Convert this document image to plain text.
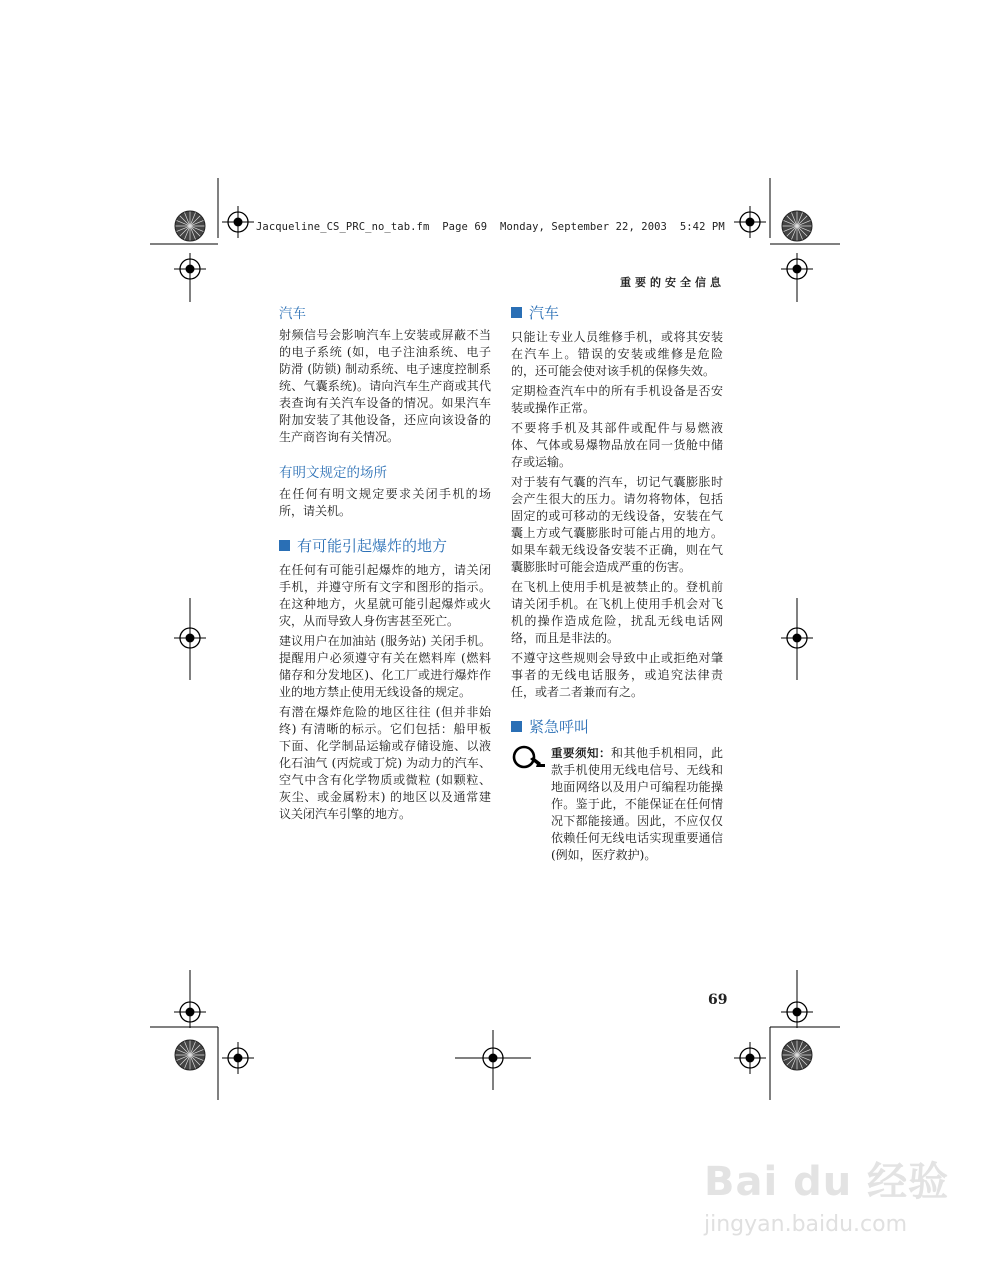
Jacqueline_CS_PRC_no_tab.fm  Page 69  Monday, September 22, 2003  5:42 PM
重要的安全信息
汽车

射频信号会影响汽车上安装或屏蔽不当的电子系统 (如，电子注油系统、电子防滑 (防锁) 制动系统、电子速度控制系统、气囊系统)。请向汽车生产商或其代表查询有关汽车设备的情况。如果汽车附加安装了其他设备，还应向该设备的生产商咨询有关情况。

有明文规定的场所

在任何有明文规定要求关闭手机的场所，请关机。

有可能引起爆炸的地方

在任何有可能引起爆炸的地方，请关闭手机，并遵守所有文字和图形的指示。在这种地方，火星就可能引起爆炸或火灾，从而导致人身伤害甚至死亡。

建议用户在加油站 (服务站) 关闭手机。提醒用户必须遵守有关在燃料库 (燃料储存和分发地区)、化工厂或进行爆炸作业的地方禁止使用无线设备的规定。

有潜在爆炸危险的地区往往 (但并非始终) 有清晰的标示。它们包括：船甲板下面、化学制品运输或存储设施、以液化石油气 (丙烷或丁烷) 为动力的汽车、空气中含有化学物质或微粒 (如颗粒、灰尘、或金属粉末) 的地区以及通常建议关闭汽车引擎的地方。

汽车

只能让专业人员维修手机，或将其安装在汽车上。错误的安装或维修是危险的，还可能会使对该手机的保修失效。

定期检查汽车中的所有手机设备是否安装或操作正常。

不要将手机及其部件或配件与易燃液体、气体或易爆物品放在同一货舱中储存或运输。

对于装有气囊的汽车，切记气囊膨胀时会产生很大的压力。请勿将物体，包括固定的或可移动的无线设备，安装在气囊上方或气囊膨胀时可能占用的地方。如果车载无线设备安装不正确，则在气囊膨胀时可能会造成严重的伤害。

在飞机上使用手机是被禁止的。登机前请关闭手机。在飞机上使用手机会对飞机的操作造成危险，扰乱无线电话网络，而且是非法的。

不遵守这些规则会导致中止或拒绝对肇事者的无线电话服务，或追究法律责任，或者二者兼而有之。

紧急呼叫
重要须知：和其他手机相同，此款手机使用无线电信号、无线和地面网络以及用户可编程功能操作。鉴于此，不能保证在任何情况下都能接通。因此，不应仅仅依赖任何无线电话实现重要通信 (例如，医疗救护)。
69
Bai du 经验
jingyan.baidu.com
